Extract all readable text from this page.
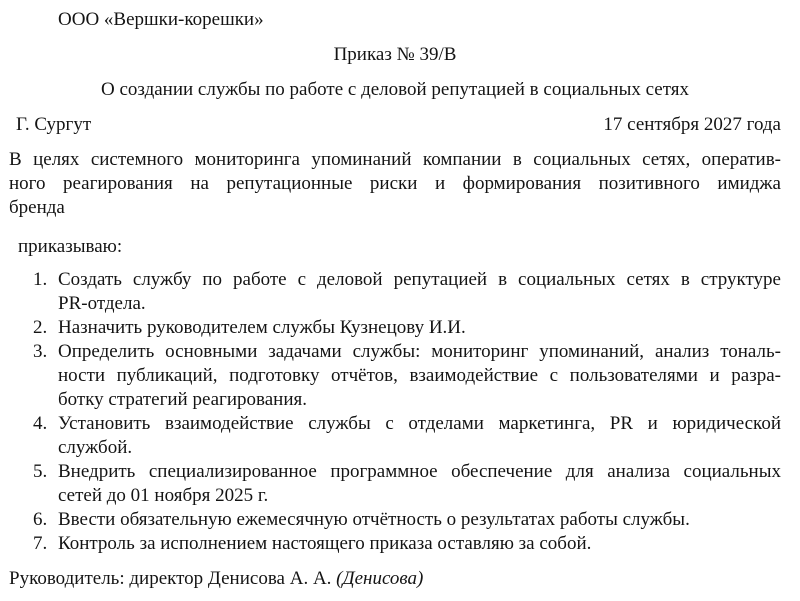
ООО «Вершки-корешки»
Приказ № 39/В
О создании службы по работе с деловой репутацией в социальных сетях
Г. Сургут	17 сентября 2027 года
В целях системного мониторинга упоминаний компании в социальных сетях, оператив-
ного реагирования на репутационные риски и формирования позитивного имиджа
бренда
приказываю:
1. Создать службу по работе с деловой репутацией в социальных сетях в структуре
PR-отдела.
2. Назначить руководителем службы Кузнецову И.И.
3. Определить основными задачами службы: мониторинг упоминаний, анализ тональ-
ности публикаций, подготовку отчётов, взаимодействие с пользователями и разра-
ботку стратегий реагирования.
4. Установить взаимодействие службы с отделами маркетинга, PR и юридической
службой.
5. Внедрить специализированное программное обеспечение для анализа социальных
сетей до 01 ноября 2025 г.
6. Ввести обязательную ежемесячную отчётность о результатах работы службы.
7. Контроль за исполнением настоящего приказа оставляю за собой.
Руководитель: директор Денисова А. А. (Денисова)
